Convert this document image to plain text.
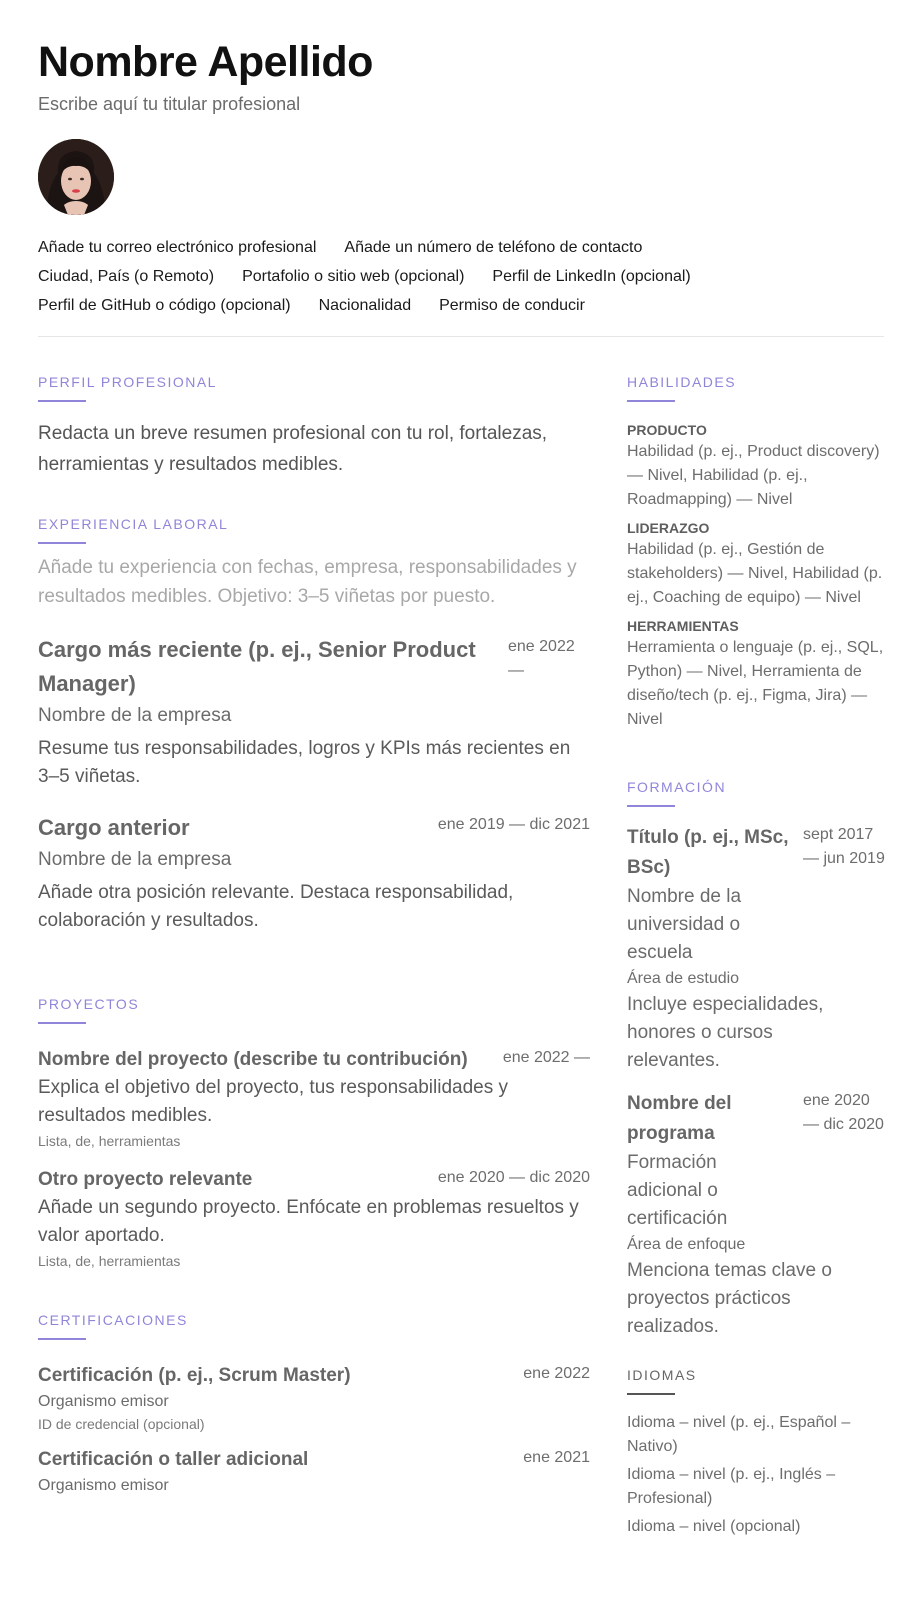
Nombre Apellido
Escribe aquí tu titular profesional
Añade tu correo electrónico profesional Añade un número de teléfono de contacto
Ciudad, País (o Remoto) Portafolio o sitio web (opcional) Perfil de LinkedIn (opcional)
Perfil de GitHub o código (opcional) Nacionalidad Permiso de conducir
PERFIL PROFESIONAL
Redacta un breve resumen profesional con tu rol, fortalezas, herramientas y resultados medibles.
EXPERIENCIA LABORAL
Añade tu experiencia con fechas, empresa, responsabilidades y resultados medibles. Objetivo: 3–5 viñetas por puesto.
Cargo más reciente (p. ej., Senior Product Manager)
ene 2022 —
Nombre de la empresa
Resume tus responsabilidades, logros y KPIs más recientes en 3–5 viñetas.
Cargo anterior	ene 2019 — dic 2021
Nombre de la empresa
Añade otra posición relevante. Destaca responsabilidad, colaboración y resultados.
PROYECTOS
Nombre del proyecto (describe tu contribución) ene 2022 —
Explica el objetivo del proyecto, tus responsabilidades y resultados medibles.
Lista, de, herramientas
Otro proyecto relevante	ene 2020 — dic 2020
Añade un segundo proyecto. Enfócate en problemas resueltos y valor aportado.
Lista, de, herramientas
CERTIFICACIONES
Certificación (p. ej., Scrum Master)	ene 2022
Organismo emisor
ID de credencial (opcional)
Certificación o taller adicional	ene 2021
Organismo emisor
HABILIDADES
PRODUCTO
Habilidad (p. ej., Product discovery) — Nivel, Habilidad (p. ej., Roadmapping) — Nivel
LIDERAZGO
Habilidad (p. ej., Gestión de stakeholders) — Nivel, Habilidad (p. ej., Coaching de equipo) — Nivel
HERRAMIENTAS
Herramienta o lenguaje (p. ej., SQL, Python) — Nivel, Herramienta de diseño/tech (p. ej., Figma, Jira) — Nivel
FORMACIÓN
Título (p. ej., MSc, BSc)
Nombre de la universidad o escuela
Área de estudio
sept 2017 — jun 2019
Incluye especialidades, honores o cursos relevantes.
Nombre del programa
Formación adicional o certificación
Área de enfoque
ene 2020 — dic 2020
Menciona temas clave o proyectos prácticos realizados.
IDIOMAS
Idioma – nivel (p. ej., Español – Nativo)
Idioma – nivel (p. ej., Inglés – Profesional)
Idioma – nivel (opcional)
